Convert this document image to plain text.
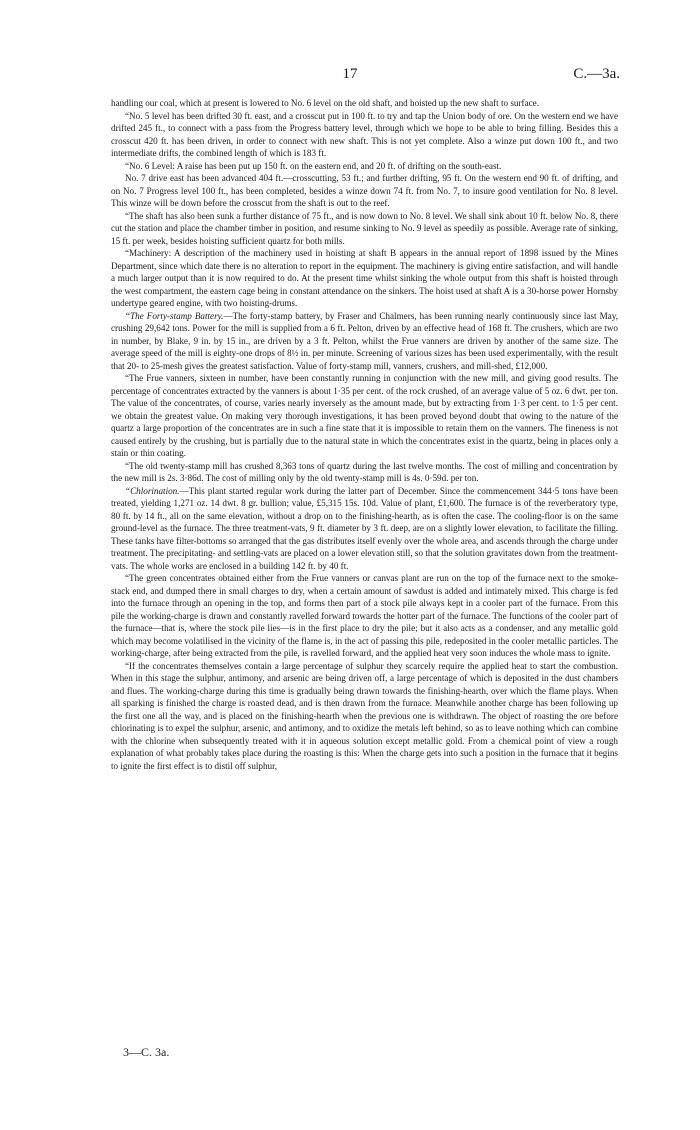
17	C.—3a.

handling our coal, which at present is lowered to No. 6 level on the old shaft, and hoisted up the new shaft to surface.

“No. 5 level has been drifted 30 ft. east, and a crosscut put in 100 ft. to try and tap the Union body of ore. On the western end we have drifted 245 ft., to connect with a pass from the Progress battery level, through which we hope to be able to bring filling. Besides this a crosscut 420 ft. has been driven, in order to connect with new shaft. This is not yet complete. Also a winze put down 100 ft., and two intermediate drifts, the combined length of which is 183 ft.

“No. 6 Level: A raise has been put up 150 ft. on the eastern end, and 20 ft. of drifting on the south-east.

No. 7 drive east has been advanced 404 ft.—crosscutting, 53 ft.; and further drifting, 95 ft. On the western end 90 ft. of drifting, and on No. 7 Progress level 100 ft., has been completed, besides a winze down 74 ft. from No. 7, to insure good ventilation for No. 8 level. This winze will be down before the crosscut from the shaft is out to the reef.

“The shaft has also been sunk a further distance of 75 ft., and is now down to No. 8 level. We shall sink about 10 ft. below No. 8, there cut the station and place the chamber timber in position, and resume sinking to No. 9 level as speedily as possible. Average rate of sinking, 15 ft. per week, besides hoisting sufficient quartz for both mills.

“Machinery: A description of the machinery used in hoisting at shaft B appears in the annual report of 1898 issued by the Mines Department, since which date there is no alteration to report in the equipment. The machinery is giving entire satisfaction, and will handle a much larger output than it is now required to do. At the present time whilst sinking the whole output from this shaft is hoisted through the west compartment, the eastern cage being in constant attendance on the sinkers. The hoist used at shaft A is a 30-horse power Hornsby undertype geared engine, with two hoisting-drums.

“The Forty-stamp Battery.—The forty-stamp battery, by Fraser and Chalmers, has been running nearly continuously since last May, crushing 29,642 tons. Power for the mill is supplied from a 6 ft. Pelton, driven by an effective head of 168 ft. The crushers, which are two in number, by Blake, 9 in. by 15 in., are driven by a 3 ft. Pelton, whilst the Frue vanners are driven by another of the same size. The average speed of the mill is eighty-one drops of 8½ in. per minute. Screening of various sizes has been used experimentally, with the result that 20- to 25-mesh gives the greatest satisfaction. Value of forty-stamp mill, vanners, crushers, and mill-shed, £12,000.

“The Frue vanners, sixteen in number, have been constantly running in conjunction with the new mill, and giving good results. The percentage of concentrates extracted by the vanners is about 1·35 per cent. of the rock crushed, of an average value of 5 oz. 6 dwt. per ton. The value of the concentrates, of course, varies nearly inversely as the amount made, but by extracting from 1·3 per cent. to 1·5 per cent. we obtain the greatest value. On making very thorough investigations, it has been proved beyond doubt that owing to the nature of the quartz a large proportion of the concentrates are in such a fine state that it is impossible to retain them on the vanners. The fineness is not caused entirely by the crushing, but is partially due to the natural state in which the concentrates exist in the quartz, being in places only a stain or thin coating.

“The old twenty-stamp mill has crushed 8,363 tons of quartz during the last twelve months. The cost of milling and concentration by the new mill is 2s. 3·86d. The cost of milling only by the old twenty-stamp mill is 4s. 0·59d. per ton.

“Chlorination.—This plant started regular work during the latter part of December. Since the commencement 344·5 tons have been treated, yielding 1,271 oz. 14 dwt. 8 gr. bullion; value, £5,315 15s. 10d. Value of plant, £1,600. The furnace is of the reverberatory type, 80 ft. by 14 ft., all on the same elevation, without a drop on to the finishing-hearth, as is often the case. The cooling-floor is on the same ground-level as the furnace. The three treatment-vats, 9 ft. diameter by 3 ft. deep, are on a slightly lower elevation, to facilitate the filling. These tanks have filter-bottoms so arranged that the gas distributes itself evenly over the whole area, and ascends through the charge under treatment. The precipitating- and settling-vats are placed on a lower elevation still, so that the solution gravitates down from the treatment-vats. The whole works are enclosed in a building 142 ft. by 40 ft.

“The green concentrates obtained either from the Frue vanners or canvas plant are run on the top of the furnace next to the smoke-stack end, and dumped there in small charges to dry, when a certain amount of sawdust is added and intimately mixed. This charge is fed into the furnace through an opening in the top, and forms then part of a stock pile always kept in a cooler part of the furnace. From this pile the working-charge is drawn and constantly ravelled forward towards the hotter part of the furnace. The functions of the cooler part of the furnace—that is, where the stock pile lies—is in the first place to dry the pile; but it also acts as a condenser, and any metallic gold which may become volatilised in the vicinity of the flame is, in the act of passing this pile, redeposited in the cooler metallic particles. The working-charge, after being extracted from the pile, is ravelled forward, and the applied heat very soon induces the whole mass to ignite.

“If the concentrates themselves contain a large percentage of sulphur they scarcely require the applied heat to start the combustion. When in this stage the sulphur, antimony, and arsenic are being driven off, a large percentage of which is deposited in the dust chambers and flues. The working-charge during this time is gradually being drawn towards the finishing-hearth, over which the flame plays. When all sparking is finished the charge is roasted dead, and is then drawn from the furnace. Meanwhile another charge has been following up the first one all the way, and is placed on the finishing-hearth when the previous one is withdrawn. The object of roasting the ore before chlorinating is to expel the sulphur, arsenic, and antimony, and to oxidize the metals left behind, so as to leave nothing which can combine with the chlorine when subsequently treated with it in aqueous solution except metallic gold. From a chemical point of view a rough explanation of what probably takes place during the roasting is this: When the charge gets into such a position in the furnace that it begins to ignite the first effect is to distil off sulphur,

3—C. 3a.
